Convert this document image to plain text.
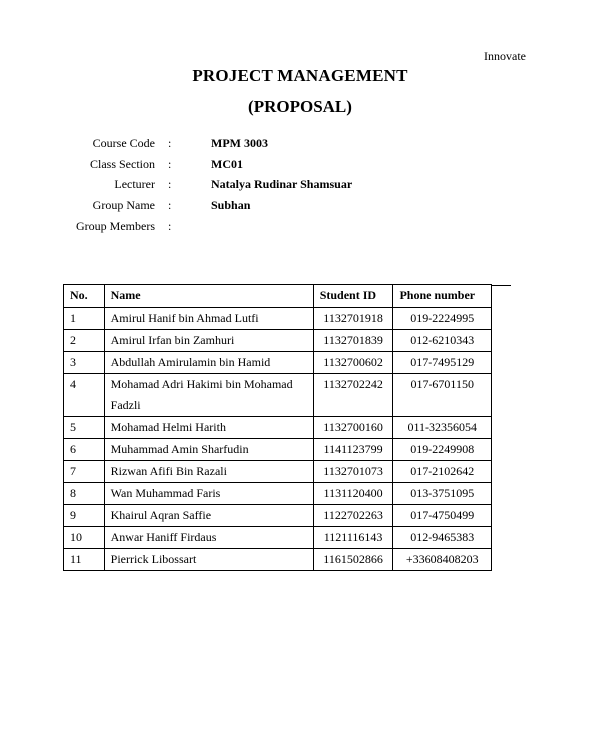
Innovate
PROJECT MANAGEMENT
(PROPOSAL)
Course Code :	MPM 3003
Class Section :	MC01
Lecturer :	Natalya Rudinar Shamsuar
Group Name :	Subhan
Group Members :
No.	Name	Student ID	Phone number
1	Amirul Hanif bin Ahmad Lutfi	1132701918	019-2224995
2	Amirul Irfan bin Zamhuri	1132701839	012-6210343
3	Abdullah Amirulamin bin Hamid	1132700602	017-7495129
4	Mohamad Adri Hakimi bin Mohamad Fadzli	1132702242	017-6701150
5	Mohamad Helmi Harith	1132700160	011-32356054
6	Muhammad Amin Sharfudin	1141123799	019-2249908
7	Rizwan Afifi Bin Razali	1132701073	017-2102642
8	Wan Muhammad Faris	1131120400	013-3751095
9	Khairul Aqran Saffie	1122702263	017-4750499
10	Anwar Haniff Firdaus	1121116143	012-9465383
11	Pierrick Libossart	1161502866	+33608408203
